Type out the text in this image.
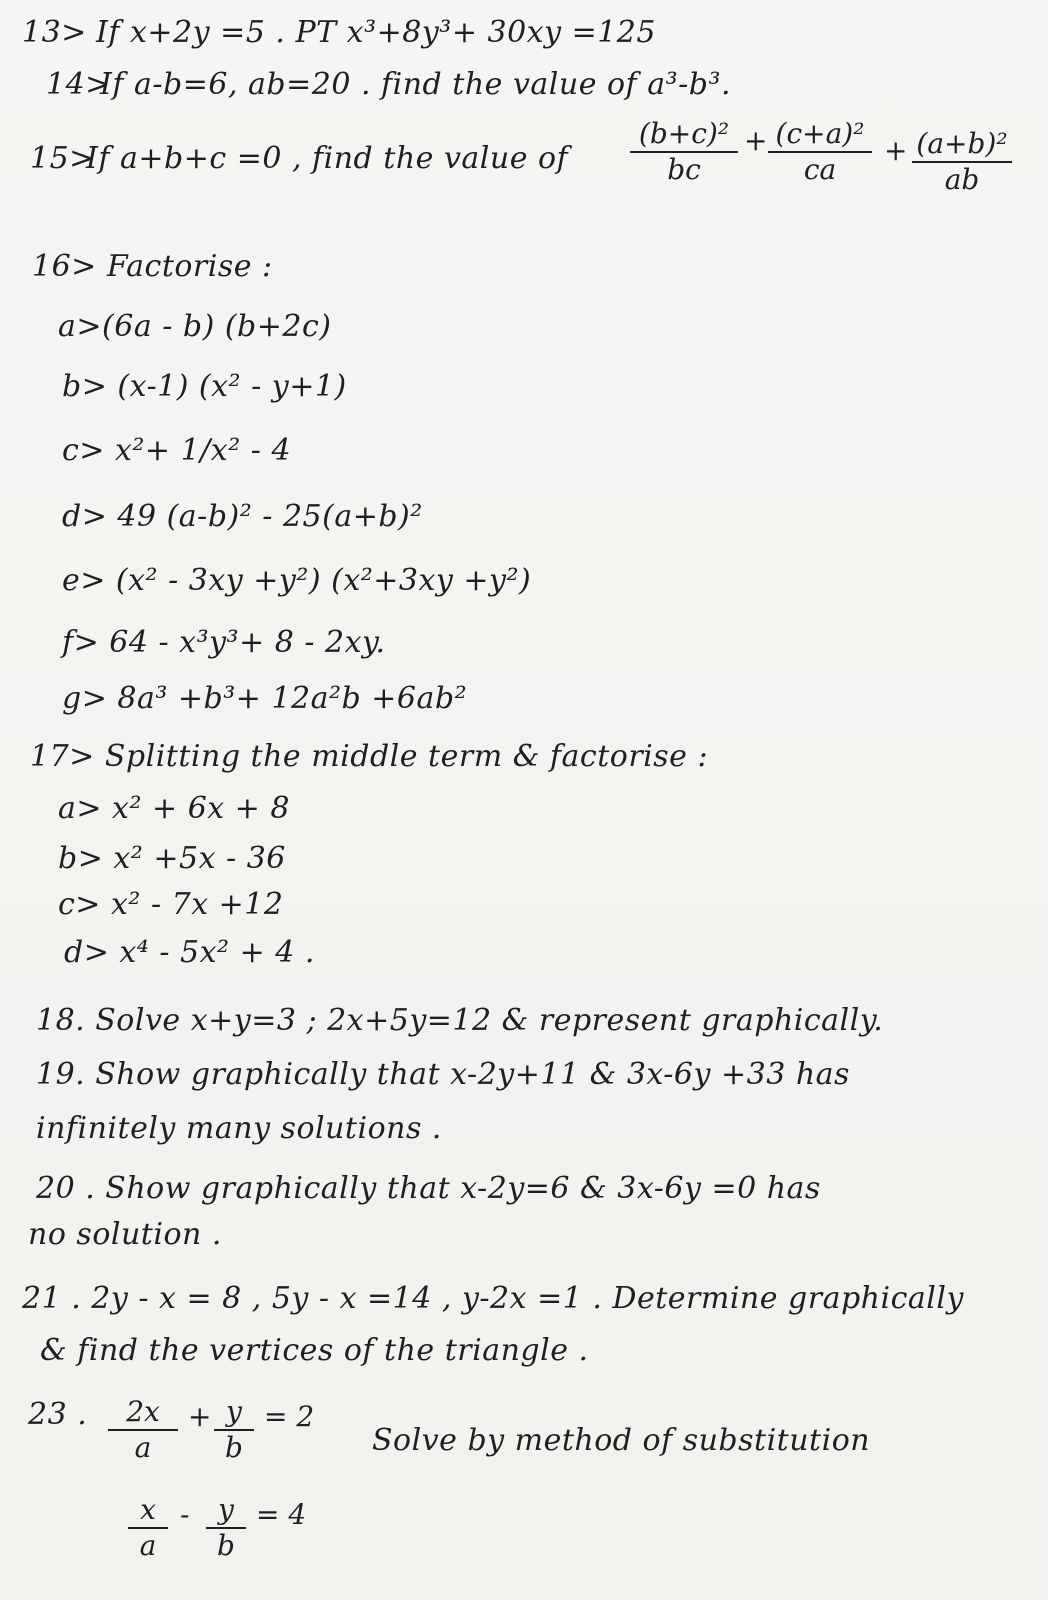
13> If x+2y =5 . PT x³+8y³+ 30xy =125
14>
If a-b=6, ab=20 . find the value of a³-b³.
15>
If a+b+c =0 , find the value of
(b+c)²
bc
+ (c+a)²
ca
+ (a+b)²
ab
16> Factorise :
a>(6a - b) (b+2c)
b> (x-1) (x² - y+1)
c> x²+ 1/x² - 4
d> 49 (a-b)² - 25(a+b)²
e> (x² - 3xy +y²) (x²+3xy +y²)
f> 64 - x³y³+ 8 - 2xy.
g> 8a³ +b³+ 12a²b +6ab²
17> Splitting the middle term & factorise :
a> x² + 6x + 8
b> x² +5x - 36
c> x² - 7x +12
d> x⁴ - 5x² + 4 .
18. Solve x+y=3 ; 2x+5y=12 & represent graphically.
19. Show graphically that x-2y+11 & 3x-6y +33 has
infinitely many solutions .
20 . Show graphically that x-2y=6 & 3x-6y =0 has
no solution .
21 . 2y - x = 8 , 5y - x =14 , y-2x =1 . Determine graphically
& find the vertices of the triangle .
23 . 2x
a
+ y
b
= 2
Solve by method of substitution
x
a
- y
b
= 4
